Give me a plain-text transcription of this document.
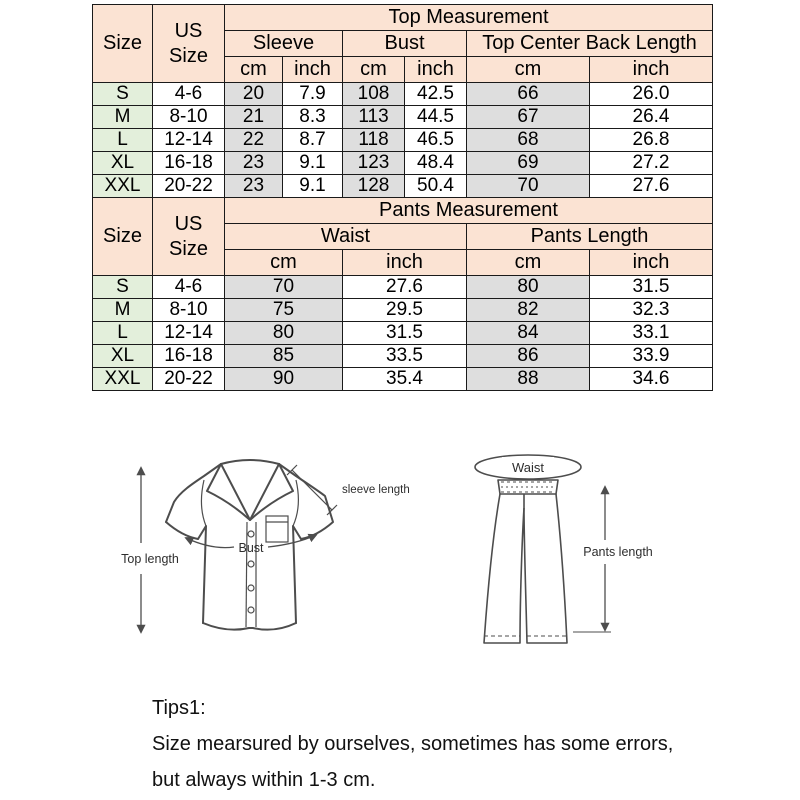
Size	US Size	Top Measurement					
		Sleeve		Bust		Top Center Back Length	
		cm	inch	cm	inch	cm	inch
S	4-6	20	7.9	108	42.5	66	26.0
M	8-10	21	8.3	113	44.5	67	26.4
L	12-14	22	8.7	118	46.5	68	26.8
XL	16-18	23	9.1	123	48.4	69	27.2
XXL	20-22	23	9.1	128	50.4	70	27.6
Size	US Size	Pants Measurement					
		Waist				Pants Length	
		cm		inch		cm	inch
S	4-6	70		27.6		80	31.5
M	8-10	75		29.5		82	32.3
L	12-14	80		31.5		84	33.1
XL	16-18	85		33.5		86	33.9
XXL	20-22	90		35.4		88	34.6
Top length
sleeve length
Bust
Waist
Pants length
Tips1:
Size mearsured by ourselves, sometimes has some errors,
but always within 1-3 cm.
